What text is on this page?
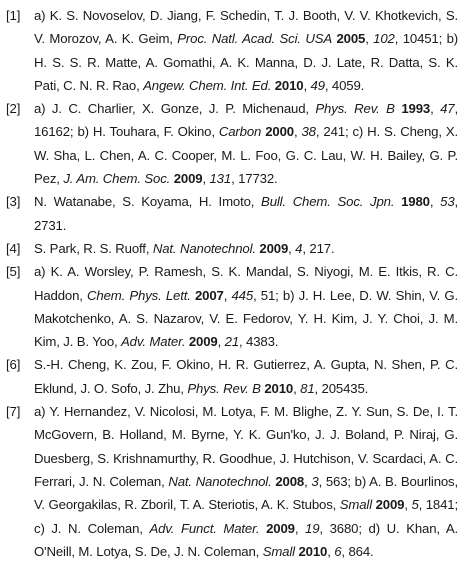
[1]	a) K. S. Novoselov, D. Jiang, F. Schedin, T. J. Booth, V. V. Khotkevich, S. V. Morozov, A. K. Geim, Proc. Natl. Acad. Sci. USA 2005, 102, 10451; b) H. S. S. R. Matte, A. Gomathi, A. K. Manna, D. J. Late, R. Datta, S. K. Pati, C. N. R. Rao, Angew. Chem. Int. Ed. 2010, 49, 4059.
[2]	a) J. C. Charlier, X. Gonze, J. P. Michenaud, Phys. Rev. B 1993, 47, 16162; b) H. Touhara, F. Okino, Carbon 2000, 38, 241; c) H. S. Cheng, X. W. Sha, L. Chen, A. C. Cooper, M. L. Foo, G. C. Lau, W. H. Bailey, G. P. Pez, J. Am. Chem. Soc. 2009, 131, 17732.
[3]	N. Watanabe, S. Koyama, H. Imoto, Bull. Chem. Soc. Jpn. 1980, 53, 2731.
[4]	S. Park, R. S. Ruoff, Nat. Nanotechnol. 2009, 4, 217.
[5]	a) K. A. Worsley, P. Ramesh, S. K. Mandal, S. Niyogi, M. E. Itkis, R. C. Haddon, Chem. Phys. Lett. 2007, 445, 51; b) J. H. Lee, D. W. Shin, V. G. Makotchenko, A. S. Nazarov, V. E. Fedorov, Y. H. Kim, J. Y. Choi, J. M. Kim, J. B. Yoo, Adv. Mater. 2009, 21, 4383.
[6]	S.-H. Cheng, K. Zou, F. Okino, H. R. Gutierrez, A. Gupta, N. Shen, P. C. Eklund, J. O. Sofo, J. Zhu, Phys. Rev. B 2010, 81, 205435.
[7]	a) Y. Hernandez, V. Nicolosi, M. Lotya, F. M. Blighe, Z. Y. Sun, S. De, I. T. McGovern, B. Holland, M. Byrne, Y. K. Gun'ko, J. J. Boland, P. Niraj, G. Duesberg, S. Krishnamurthy, R. Goodhue, J. Hutchison, V. Scardaci, A. C. Ferrari, J. N. Coleman, Nat. Nanotechnol. 2008, 3, 563; b) A. B. Bourlinos, V. Georgakilas, R. Zboril, T. A. Steriotis, A. K. Stubos, Small 2009, 5, 1841; c) J. N. Coleman, Adv. Funct. Mater. 2009, 19, 3680; d) U. Khan, A. O'Neill, M. Lotya, S. De, J. N. Coleman, Small 2010, 6, 864.
